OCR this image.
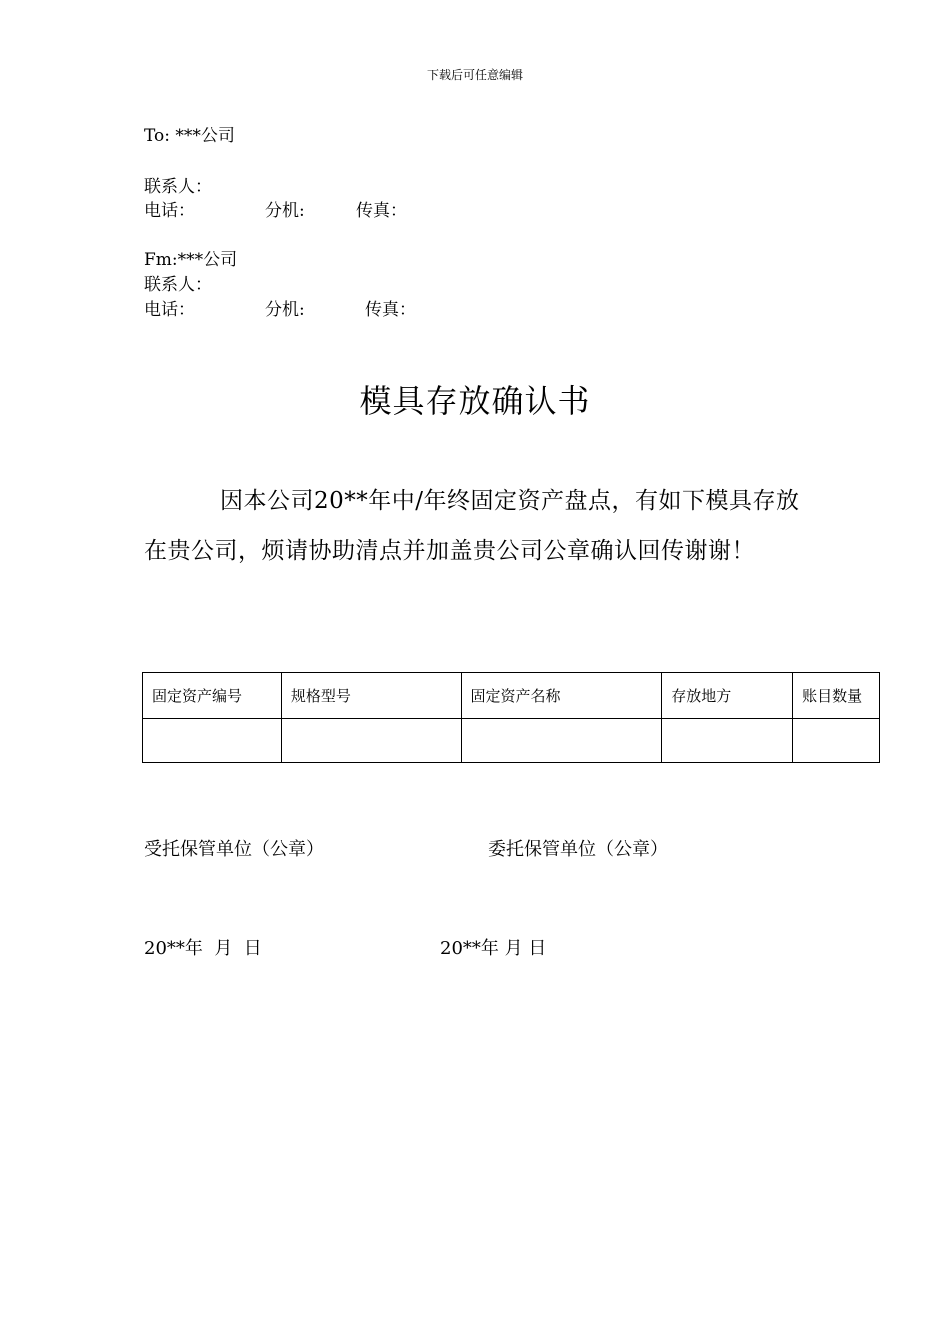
下载后可任意编辑
To: ***公司
联系人：
电话：	分机:	传真：
Fm:***公司
联系人：
电话：	分机:	传真：
模具存放确认书
因本公司20**年中/年终固定资产盘点，有如下模具存放在贵公司，烦请协助清点并加盖贵公司公章确认回传谢谢！
固定资产编号	规格型号	固定资产名称	存放地方	账目数量

受托保管单位（公章）	委托保管单位（公章）
20**年  月  日	20**年 月 日
